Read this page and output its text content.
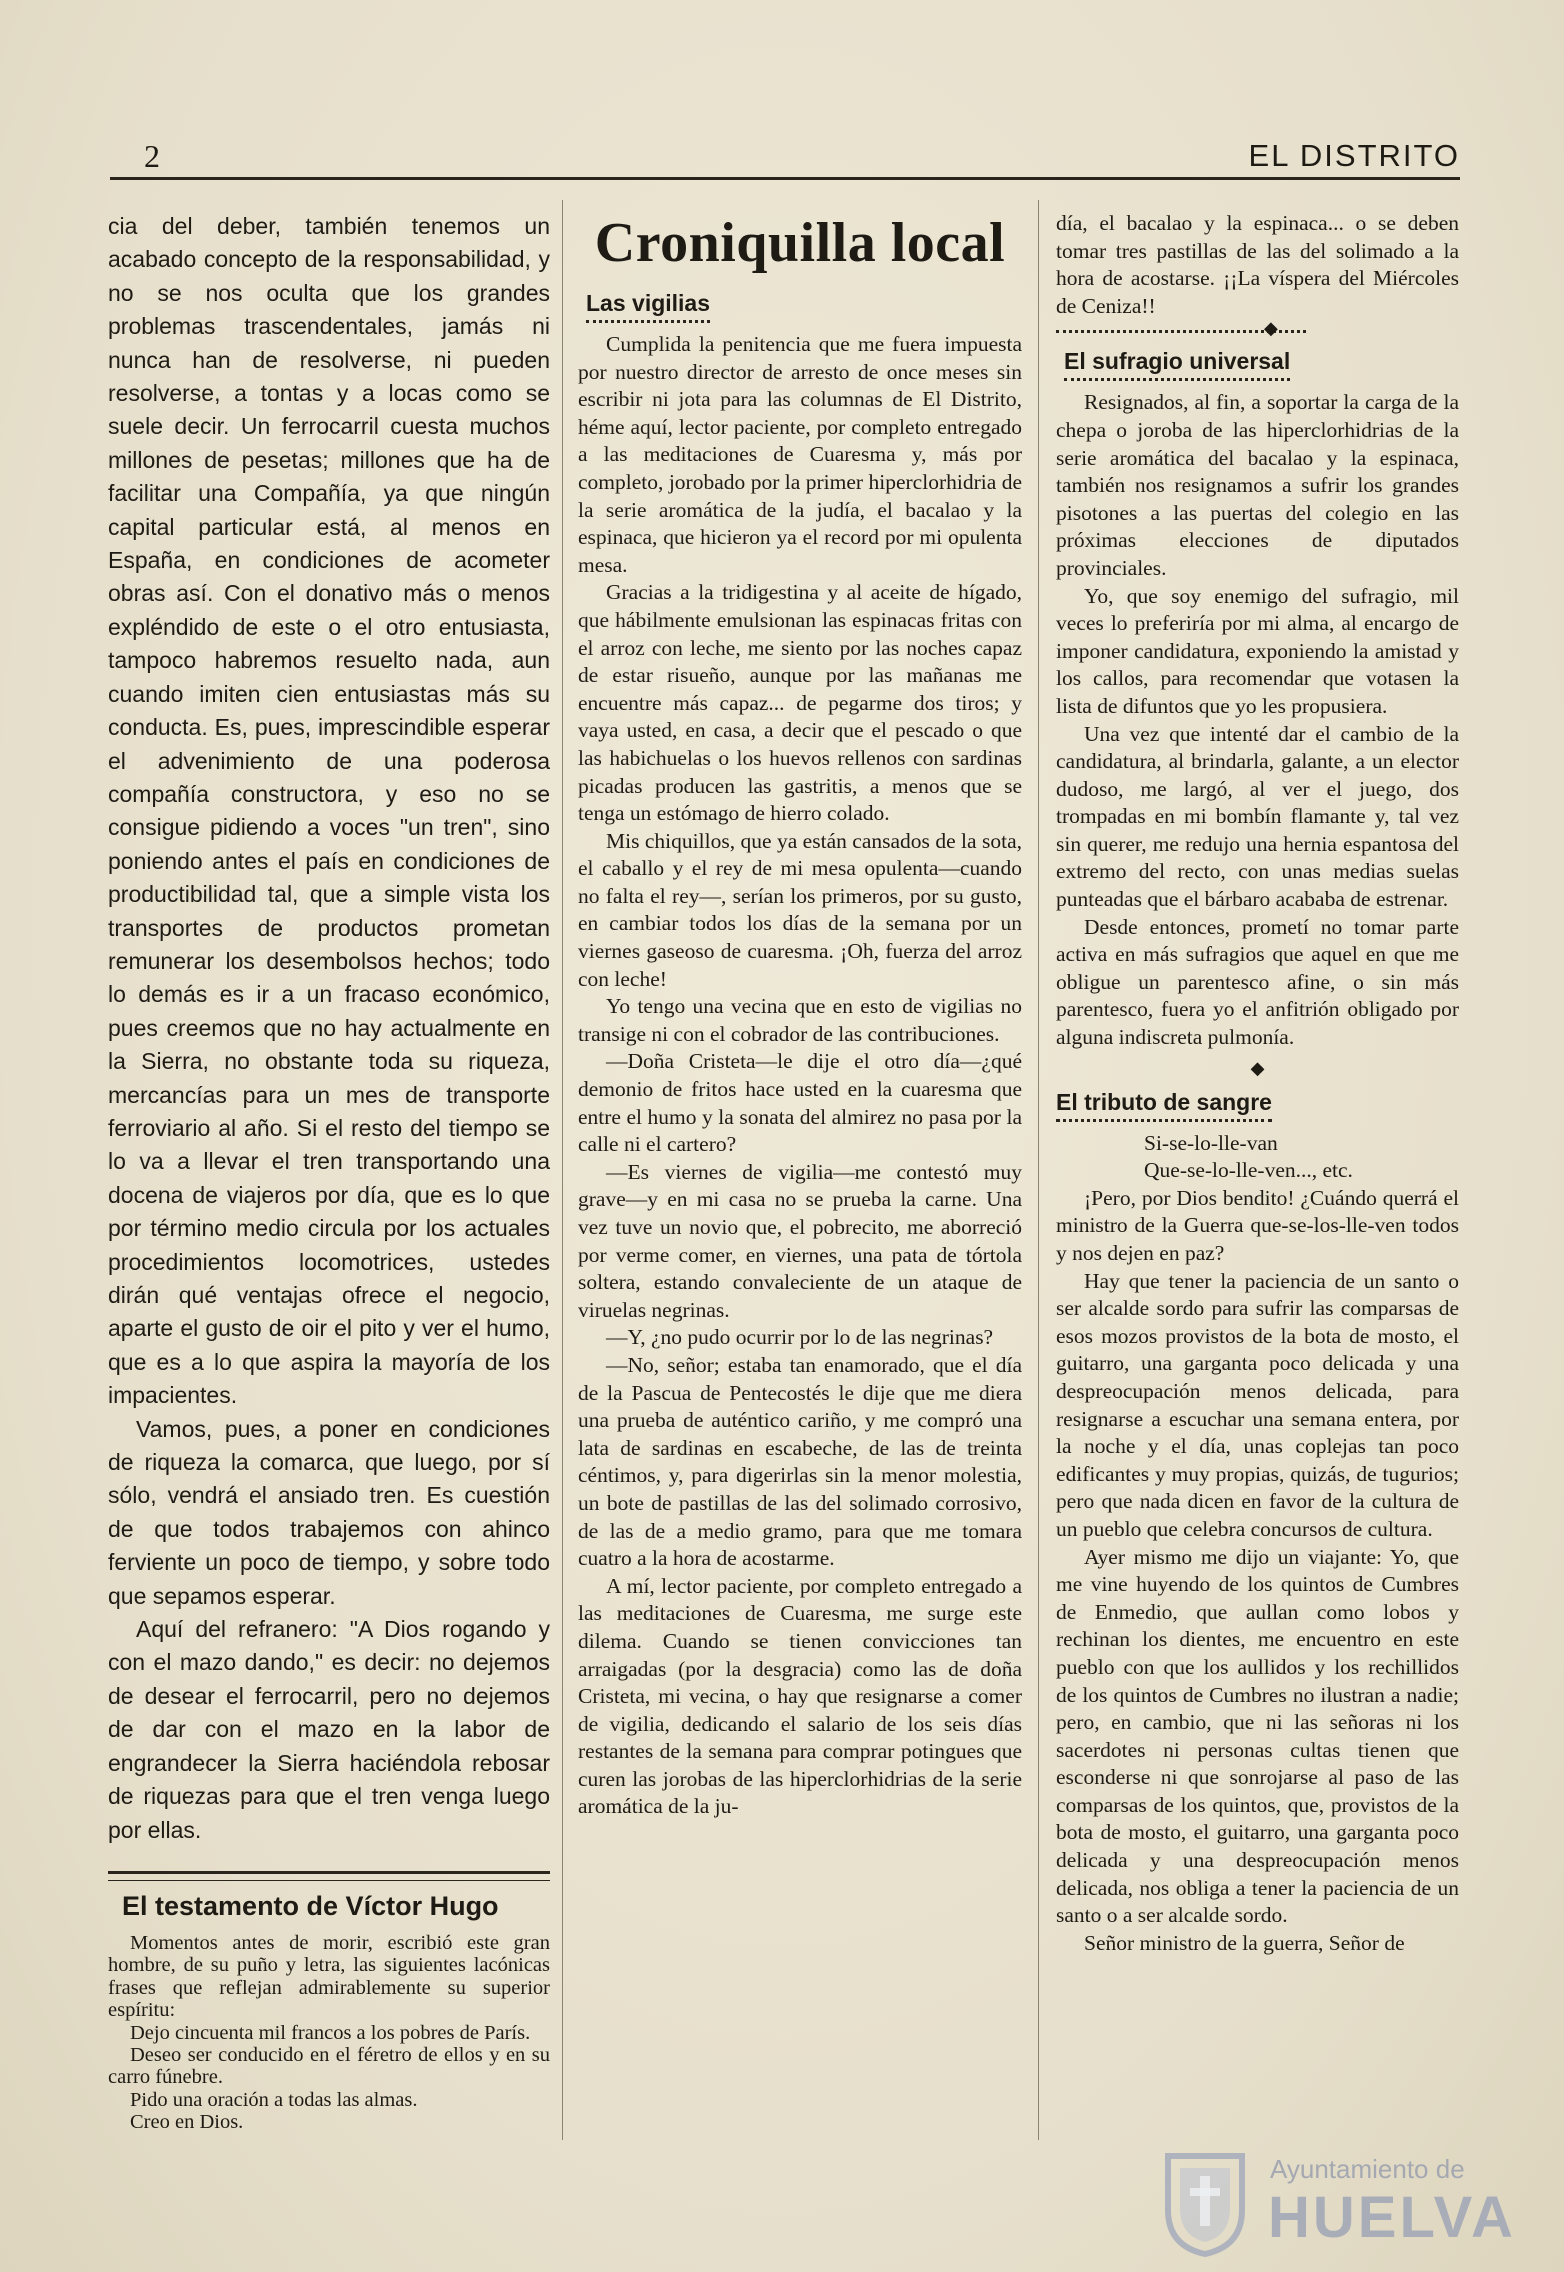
2	EL DISTRITO

cia del deber, también tenemos un acabado concepto de la responsabilidad, y no se nos oculta que los grandes problemas trascendentales, jamás ni nunca han de resolverse, ni pueden resolverse, a tontas y a locas como se suele decir. Un ferrocarril cuesta muchos millones de pesetas; millones que ha de facilitar una Compañía, ya que ningún capital particular está, al menos en España, en condiciones de acometer obras así. Con el donativo más o menos expléndido de este o el otro entusiasta, tampoco habremos resuelto nada, aun cuando imiten cien entusiastas más su conducta. Es, pues, imprescindible esperar el advenimiento de una poderosa compañía constructora, y eso no se consigue pidiendo a voces "un tren", sino poniendo antes el país en condiciones de productibilidad tal, que a simple vista los transportes de productos prometan remunerar los desembolsos hechos; todo lo demás es ir a un fracaso económico, pues creemos que no hay actualmente en la Sierra, no obstante toda su riqueza, mercancías para un mes de transporte ferroviario al año. Si el resto del tiempo se lo va a llevar el tren transportando una docena de viajeros por día, que es lo que por término medio circula por los actuales procedimientos locomotrices, ustedes dirán qué ventajas ofrece el negocio, aparte el gusto de oir el pito y ver el humo, que es a lo que aspira la mayoría de los impacientes.

Vamos, pues, a poner en condiciones de riqueza la comarca, que luego, por sí sólo, vendrá el ansiado tren. Es cuestión de que todos trabajemos con ahinco ferviente un poco de tiempo, y sobre todo que sepamos esperar.

Aquí del refranero: "A Dios rogando y con el mazo dando," es decir: no dejemos de desear el ferrocarril, pero no dejemos de dar con el mazo en la labor de engrandecer la Sierra haciéndola rebosar de riquezas para que el tren venga luego por ellas.

El testamento de Víctor Hugo

Momentos antes de morir, escribió este gran hombre, de su puño y letra, las siguientes lacónicas frases que reflejan admirablemente su superior espíritu:

Dejo cincuenta mil francos a los pobres de París.

Deseo ser conducido en el féretro de ellos y en su carro fúnebre.

Pido una oración a todas las almas.

Creo en Dios.

Croniquilla local
Las vigilias

Cumplida la penitencia que me fuera impuesta por nuestro director de arresto de once meses sin escribir ni jota para las columnas de El Distrito, héme aquí, lector paciente, por completo entregado a las meditaciones de Cuaresma y, más por completo, jorobado por la primer hiperclorhidria de la serie aromática de la judía, el bacalao y la espinaca, que hicieron ya el record por mi opulenta mesa.

Gracias a la tridigestina y al aceite de hígado, que hábilmente emulsionan las espinacas fritas con el arroz con leche, me siento por las noches capaz de estar risueño, aunque por las mañanas me encuentre más capaz... de pegarme dos tiros; y vaya usted, en casa, a decir que el pescado o que las habichuelas o los huevos rellenos con sardinas picadas producen las gastritis, a menos que se tenga un estómago de hierro colado.

Mis chiquillos, que ya están cansados de la sota, el caballo y el rey de mi mesa opulenta—cuando no falta el rey—, serían los primeros, por su gusto, en cambiar todos los días de la semana por un viernes gaseoso de cuaresma. ¡Oh, fuerza del arroz con leche!

Yo tengo una vecina que en esto de vigilias no transige ni con el cobrador de las contribuciones.

—Doña Cristeta—le dije el otro día—¿qué demonio de fritos hace usted en la cuaresma que entre el humo y la sonata del almirez no pasa por la calle ni el cartero?

—Es viernes de vigilia—me contestó muy grave—y en mi casa no se prueba la carne. Una vez tuve un novio que, el pobrecito, me aborreció por verme comer, en viernes, una pata de tórtola soltera, estando convaleciente de un ataque de viruelas negrinas.

—Y, ¿no pudo ocurrir por lo de las negrinas?

—No, señor; estaba tan enamorado, que el día de la Pascua de Pentecostés le dije que me diera una prueba de auténtico cariño, y me compró una lata de sardinas en escabeche, de las de treinta céntimos, y, para digerirlas sin la menor molestia, un bote de pastillas de las del solimado corrosivo, de las de a medio gramo, para que me tomara cuatro a la hora de acostarme.

A mí, lector paciente, por completo entregado a las meditaciones de Cuaresma, me surge este dilema. Cuando se tienen convicciones tan arraigadas (por la desgracia) como las de doña Cristeta, mi vecina, o hay que resignarse a comer de vigilia, dedicando el salario de los seis días restantes de la semana para comprar potingues que curen las jorobas de las hiperclorhidrias de la serie aromática de la ju-

día, el bacalao y la espinaca... o se deben tomar tres pastillas de las del solimado a la hora de acostarse. ¡¡La víspera del Miércoles de Ceniza!!

◆
El sufragio universal

Resignados, al fin, a soportar la carga de la chepa o joroba de las hiperclorhidrias de la serie aromática del bacalao y la espinaca, también nos resignamos a sufrir los grandes pisotones a las puertas del colegio en las próximas elecciones de diputados provinciales.

Yo, que soy enemigo del sufragio, mil veces lo preferiría por mi alma, al encargo de imponer candidatura, exponiendo la amistad y los callos, para recomendar que votasen la lista de difuntos que yo les propusiera.

Una vez que intenté dar el cambio de la candidatura, al brindarla, galante, a un elector dudoso, me largó, al ver el juego, dos trompadas en mi bombín flamante y, tal vez sin querer, me redujo una hernia espantosa del extremo del recto, con unas medias suelas punteadas que el bárbaro acababa de estrenar.

Desde entonces, prometí no tomar parte activa en más sufragios que aquel en que me obligue un parentesco afine, o sin más parentesco, fuera yo el anfitrión obligado por alguna indiscreta pulmonía.

◆
El tributo de sangre
Si-se-lo-lle-van
Que-se-lo-lle-ven..., etc.

¡Pero, por Dios bendito! ¿Cuándo querrá el ministro de la Guerra que-se-los-lle-ven todos y nos dejen en paz?

Hay que tener la paciencia de un santo o ser alcalde sordo para sufrir las comparsas de esos mozos provistos de la bota de mosto, el guitarro, una garganta poco delicada y una despreocupación menos delicada, para resignarse a escuchar una semana entera, por la noche y el día, unas coplejas tan poco edificantes y muy propias, quizás, de tugurios; pero que nada dicen en favor de la cultura de un pueblo que celebra concursos de cultura.

Ayer mismo me dijo un viajante: Yo, que me vine huyendo de los quintos de Cumbres de Enmedio, que aullan como lobos y rechinan los dientes, me encuentro en este pueblo con que los aullidos y los rechillidos de los quintos de Cumbres no ilustran a nadie; pero, en cambio, que ni las señoras ni los sacerdotes ni personas cultas tienen que esconderse ni que sonrojarse al paso de las comparsas de los quintos, que, provistos de la bota de mosto, el guitarro, una garganta poco delicada y una despreocupación menos delicada, nos obliga a tener la paciencia de un santo o a ser alcalde sordo.

Señor ministro de la guerra, Señor de

Ayuntamiento de
HUELVA
